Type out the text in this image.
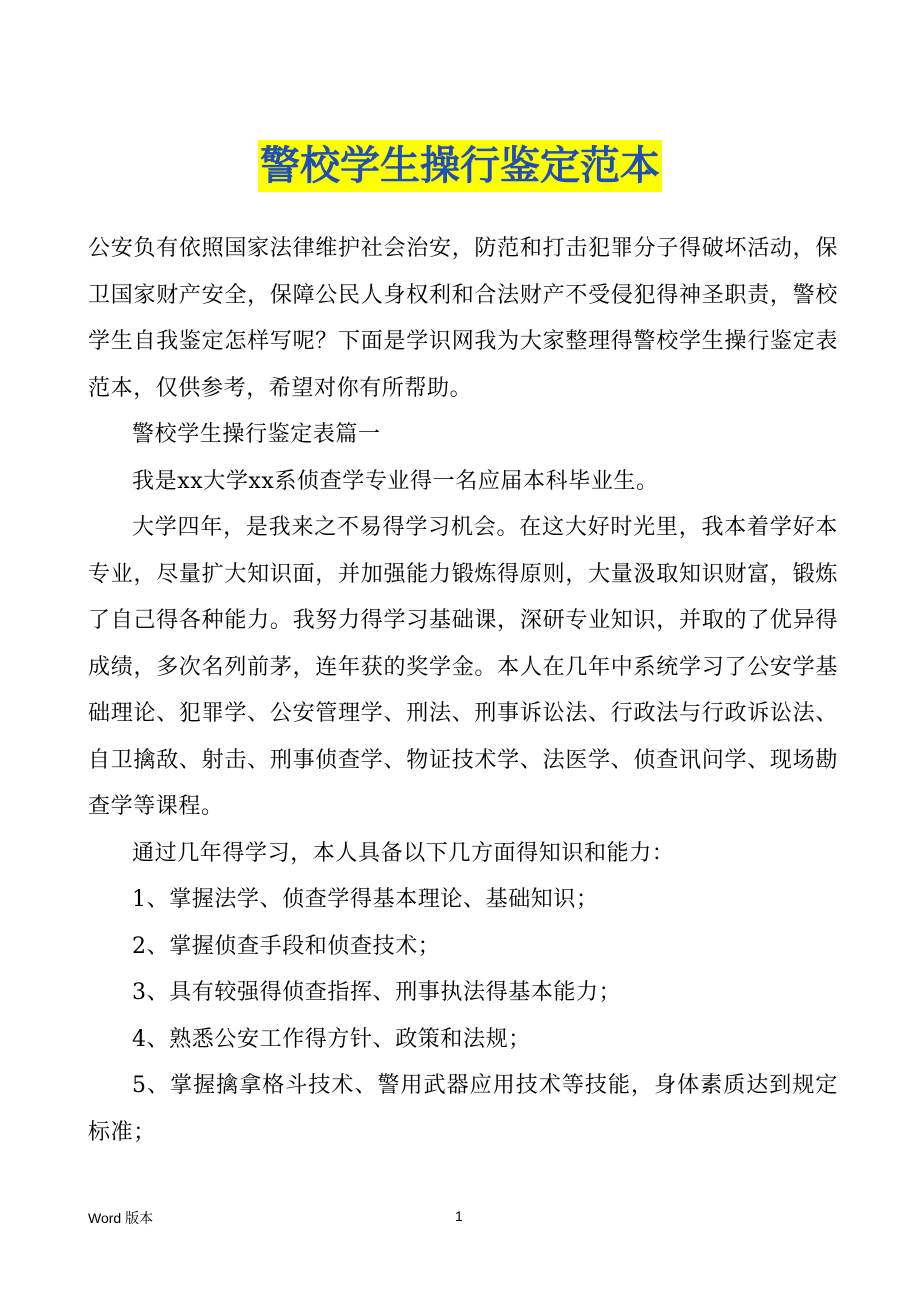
警校学生操行鉴定范本

公安负有依照国家法律维护社会治安，防范和打击犯罪分子得破坏活动，保卫国家财产安全，保障公民人身权利和合法财产不受侵犯得神圣职责，警校学生自我鉴定怎样写呢？下面是学识网我为大家整理得警校学生操行鉴定表范本，仅供参考，希望对你有所帮助。

警校学生操行鉴定表篇一

我是xx大学xx系侦查学专业得一名应届本科毕业生。

大学四年，是我来之不易得学习机会。在这大好时光里，我本着学好本专业，尽量扩大知识面，并加强能力锻炼得原则，大量汲取知识财富，锻炼了自己得各种能力。我努力得学习基础课，深研专业知识，并取的了优异得成绩，多次名列前茅，连年获的奖学金。本人在几年中系统学习了公安学基础理论、犯罪学、公安管理学、刑法、刑事诉讼法、行政法与行政诉讼法、自卫擒敌、射击、刑事侦查学、物证技术学、法医学、侦查讯问学、现场勘查学等课程。

通过几年得学习，本人具备以下几方面得知识和能力：

1、掌握法学、侦查学得基本理论、基础知识；

2、掌握侦查手段和侦查技术；

3、具有较强得侦查指挥、刑事执法得基本能力；

4、熟悉公安工作得方针、政策和法规；

5、掌握擒拿格斗技术、警用武器应用技术等技能，身体素质达到规定标准；

Word 版本	1
